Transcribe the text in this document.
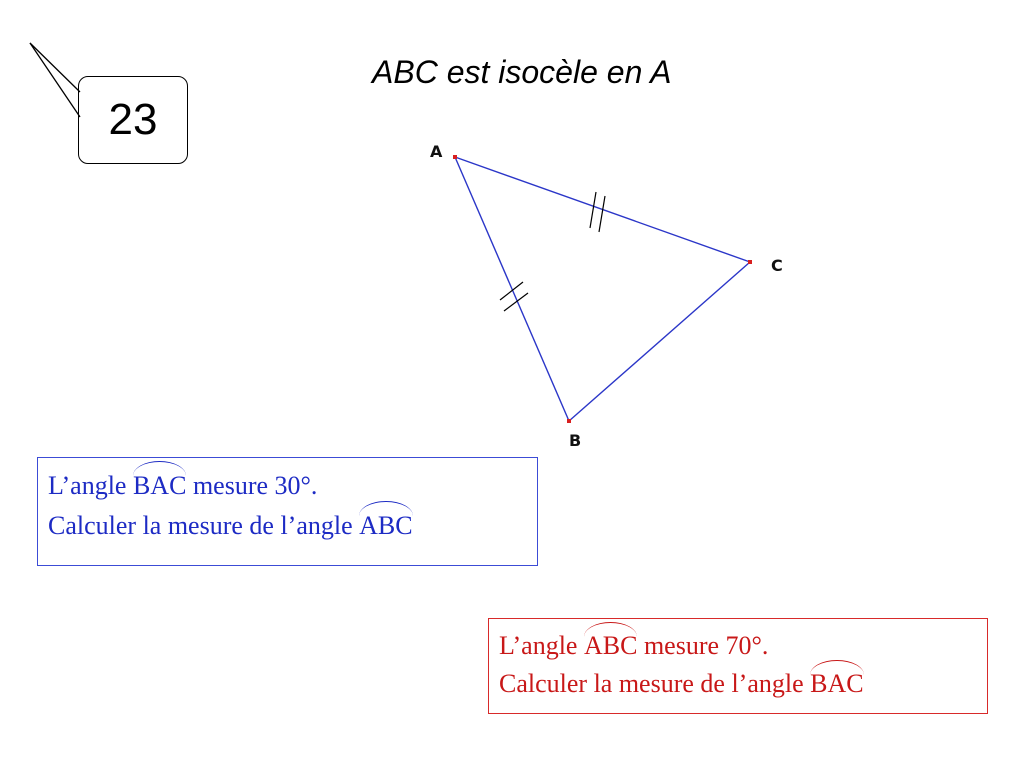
A
B
C
23
ABC est isocèle en A
L’angle BAC mesure 30°.
Calculer la mesure de l’angle ABC
L’angle ABC mesure 70°.
Calculer la mesure de l’angle BAC
